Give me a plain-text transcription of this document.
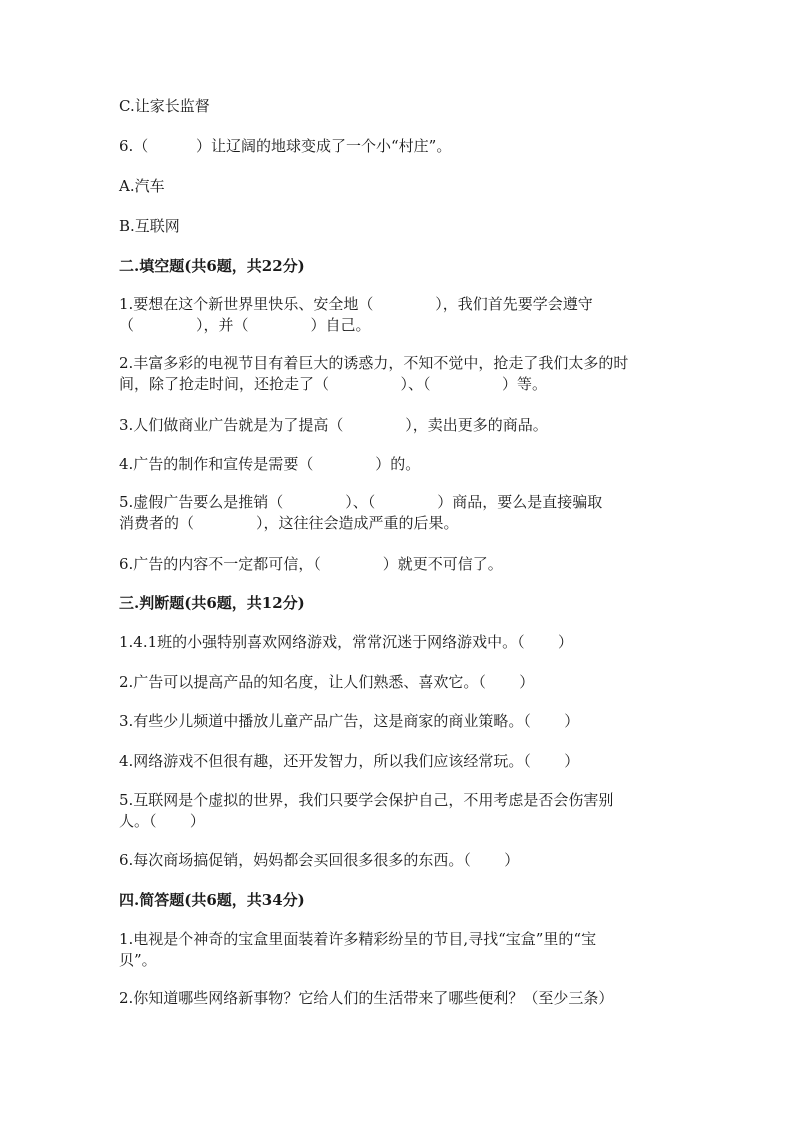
C.让家长监督
6.（          ）让辽阔的地球变成了一个小“村庄”。
A.汽车
B.互联网
二.填空题(共6题，共22分)
1.要想在这个新世界里快乐、安全地（             ），我们首先要学会遵守
（             ），并（             ）自己。
2.丰富多彩的电视节目有着巨大的诱惑力，不知不觉中，抢走了我们太多的时
间，除了抢走时间，还抢走了（               ）、（               ）等。
3.人们做商业广告就是为了提高（             ），卖出更多的商品。
4.广告的制作和宣传是需要（             ）的。
5.虚假广告要么是推销（             ）、（             ）商品，要么是直接骗取
消费者的（             ），这往往会造成严重的后果。
6.广告的内容不一定都可信，（             ）就更不可信了。
三.判断题(共6题，共12分)
1.4.1班的小强特别喜欢网络游戏，常常沉迷于网络游戏中。（       ）
2.广告可以提高产品的知名度，让人们熟悉、喜欢它。（       ）
3.有些少儿频道中播放儿童产品广告，这是商家的商业策略。（       ）
4.网络游戏不但很有趣，还开发智力，所以我们应该经常玩。（       ）
5.互联网是个虚拟的世界，我们只要学会保护自己，不用考虑是否会伤害别
人。（       ）
6.每次商场搞促销，妈妈都会买回很多很多的东西。（       ）
四.简答题(共6题，共34分)
1.电视是个神奇的宝盒里面装着许多精彩纷呈的节目,寻找“宝盒”里的“宝
贝”。
2.你知道哪些网络新事物？它给人们的生活带来了哪些便利？（至少三条）
